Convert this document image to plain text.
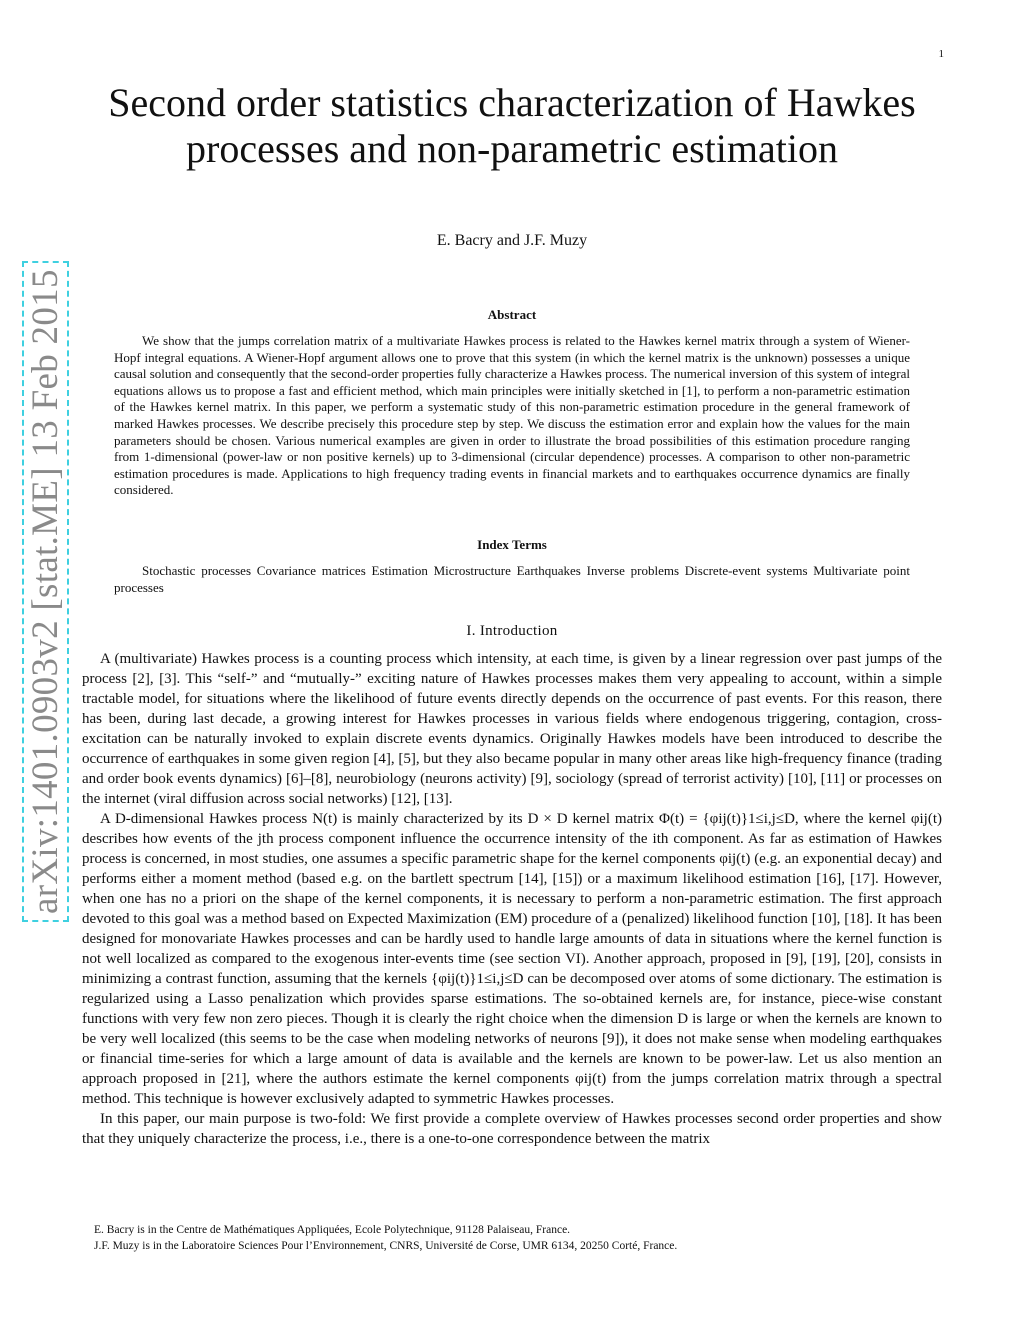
1
arXiv:1401.0903v2 [stat.ME] 13 Feb 2015
Second order statistics characterization of Hawkes processes and non-parametric estimation
E. Bacry and J.F. Muzy
Abstract

We show that the jumps correlation matrix of a multivariate Hawkes process is related to the Hawkes kernel matrix through a system of Wiener-Hopf integral equations. A Wiener-Hopf argument allows one to prove that this system (in which the kernel matrix is the unknown) possesses a unique causal solution and consequently that the second-order properties fully characterize a Hawkes process. The numerical inversion of this system of integral equations allows us to propose a fast and efficient method, which main principles were initially sketched in [1], to perform a non-parametric estimation of the Hawkes kernel matrix. In this paper, we perform a systematic study of this non-parametric estimation procedure in the general framework of marked Hawkes processes. We describe precisely this procedure step by step. We discuss the estimation error and explain how the values for the main parameters should be chosen. Various numerical examples are given in order to illustrate the broad possibilities of this estimation procedure ranging from 1-dimensional (power-law or non positive kernels) up to 3-dimensional (circular dependence) processes. A comparison to other non-parametric estimation procedures is made. Applications to high frequency trading events in financial markets and to earthquakes occurrence dynamics are finally considered.

Index Terms

Stochastic processes Covariance matrices Estimation Microstructure Earthquakes Inverse problems Discrete-event systems Multivariate point processes

I. Introduction

A (multivariate) Hawkes process is a counting process which intensity, at each time, is given by a linear regression over past jumps of the process [2], [3]. This “self-” and “mutually-” exciting nature of Hawkes processes makes them very appealing to account, within a simple tractable model, for situations where the likelihood of future events directly depends on the occurrence of past events. For this reason, there has been, during last decade, a growing interest for Hawkes processes in various fields where endogenous triggering, contagion, cross-excitation can be naturally invoked to explain discrete events dynamics. Originally Hawkes models have been introduced to describe the occurrence of earthquakes in some given region [4], [5], but they also became popular in many other areas like high-frequency finance (trading and order book events dynamics) [6]–[8], neurobiology (neurons activity) [9], sociology (spread of terrorist activity) [10], [11] or processes on the internet (viral diffusion across social networks) [12], [13].

A D-dimensional Hawkes process N(t) is mainly characterized by its D × D kernel matrix Φ(t) = {φij(t)}1≤i,j≤D, where the kernel φij(t) describes how events of the jth process component influence the occurrence intensity of the ith component. As far as estimation of Hawkes process is concerned, in most studies, one assumes a specific parametric shape for the kernel components φij(t) (e.g. an exponential decay) and performs either a moment method (based e.g. on the bartlett spectrum [14], [15]) or a maximum likelihood estimation [16], [17]. However, when one has no a priori on the shape of the kernel components, it is necessary to perform a non-parametric estimation. The first approach devoted to this goal was a method based on Expected Maximization (EM) procedure of a (penalized) likelihood function [10], [18]. It has been designed for monovariate Hawkes processes and can be hardly used to handle large amounts of data in situations where the kernel function is not well localized as compared to the exogenous inter-events time (see section VI). Another approach, proposed in [9], [19], [20], consists in minimizing a contrast function, assuming that the kernels {φij(t)}1≤i,j≤D can be decomposed over atoms of some dictionary. The estimation is regularized using a Lasso penalization which provides sparse estimations. The so-obtained kernels are, for instance, piece-wise constant functions with very few non zero pieces. Though it is clearly the right choice when the dimension D is large or when the kernels are known to be very well localized (this seems to be the case when modeling networks of neurons [9]), it does not make sense when modeling earthquakes or financial time-series for which a large amount of data is available and the kernels are known to be power-law. Let us also mention an approach proposed in [21], where the authors estimate the kernel components φij(t) from the jumps correlation matrix through a spectral method. This technique is however exclusively adapted to symmetric Hawkes processes.

In this paper, our main purpose is two-fold: We first provide a complete overview of Hawkes processes second order properties and show that they uniquely characterize the process, i.e., there is a one-to-one correspondence between the matrix

E. Bacry is in the Centre de Mathématiques Appliquées, Ecole Polytechnique, 91128 Palaiseau, France.
J.F. Muzy is in the Laboratoire Sciences Pour l’Environnement, CNRS, Université de Corse, UMR 6134, 20250 Corté, France.
